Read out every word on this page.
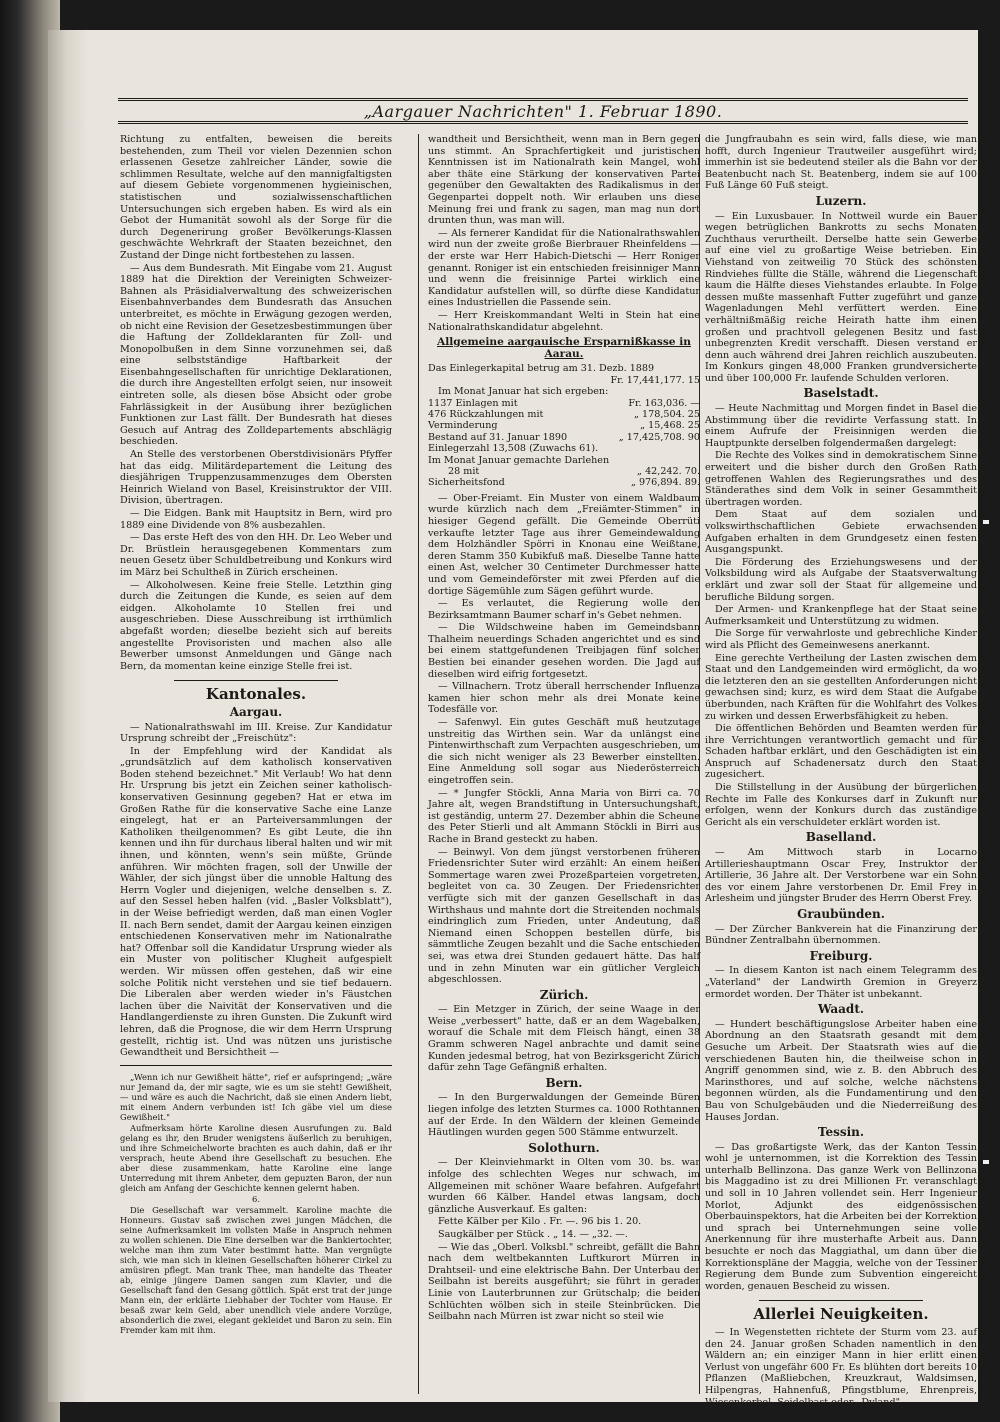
„Aargauer Nachrichten" 1. Februar 1890.

Richtung zu entfalten, beweisen die bereits bestehenden, zum Theil vor vielen Dezennien schon erlassenen Gesetze zahlreicher Länder, sowie die schlimmen Resultate, welche auf den mannigfaltigsten auf diesem Gebiete vorgenommenen hygieinischen, statistischen und sozialwissenschaftlichen Untersuchungen sich ergeben haben. Es wird als ein Gebot der Humanität sowohl als der Sorge für die durch Degenerirung großer Bevölkerungs-Klassen geschwächte Wehrkraft der Staaten bezeichnet, den Zustand der Dinge nicht fortbestehen zu lassen.

— Aus dem Bundesrath. Mit Eingabe vom 21. August 1889 hat die Direktion der Vereinigten Schweizer-Bahnen als Präsidialverwaltung des schweizerischen Eisenbahnverbandes dem Bundesrath das Ansuchen unterbreitet, es möchte in Erwägung gezogen werden, ob nicht eine Revision der Gesetzesbestimmungen über die Haftung der Zolldeklaranten für Zoll- und Monopolbußen in dem Sinne vorzunehmen sei, daß eine selbstständige Haftbarkeit der Eisenbahngesellschaften für unrichtige Deklarationen, die durch ihre Angestellten erfolgt seien, nur insoweit eintreten solle, als diesen böse Absicht oder grobe Fahrlässigkeit in der Ausübung ihrer bezüglichen Funktionen zur Last fällt. Der Bundesrath hat dieses Gesuch auf Antrag des Zolldepartements abschlägig beschieden.

An Stelle des verstorbenen Oberstdivisionärs Pfyffer hat das eidg. Militärdepartement die Leitung des diesjährigen Truppenzusammenzuges dem Obersten Heinrich Wieland von Basel, Kreisinstruktor der VIII. Division, übertragen.

— Die Eidgen. Bank mit Hauptsitz in Bern, wird pro 1889 eine Dividende von 8% ausbezahlen.

— Das erste Heft des von den HH. Dr. Leo Weber und Dr. Brüstlein herausgegebenen Kommentars zum neuen Gesetz über Schuldbetreibung und Konkurs wird im März bei Schultheß in Zürich erscheinen.

— Alkoholwesen. Keine freie Stelle. Letzthin ging durch die Zeitungen die Kunde, es seien auf dem eidgen. Alkoholamte 10 Stellen frei und ausgeschrieben. Diese Ausschreibung ist irrthümlich abgefaßt worden; dieselbe bezieht sich auf bereits angestellte Provisoristen und machen also alle Bewerber umsonst Anmeldungen und Gänge nach Bern, da momentan keine einzige Stelle frei ist.

Kantonales.
Aargau.

— Nationalrathswahl im III. Kreise. Zur Kandidatur Ursprung schreibt der „Freischütz":

In der Empfehlung wird der Kandidat als „grundsätzlich auf dem katholisch konservativen Boden stehend bezeichnet." Mit Verlaub! Wo hat denn Hr. Ursprung bis jetzt ein Zeichen seiner katholisch-konservativen Gesinnung gegeben? Hat er etwa im Großen Rathe für die konservative Sache eine Lanze eingelegt, hat er an Parteiversammlungen der Katholiken theilgenommen? Es gibt Leute, die ihn kennen und ihn für durchaus liberal halten und wir mit ihnen, und könnten, wenn's sein müßte, Gründe anführen. Wir möchten fragen, soll der Unwille der Wähler, der sich jüngst über die unnoble Haltung des Herrn Vogler und diejenigen, welche denselben s. Z. auf den Sessel heben halfen (vid. „Basler Volksblatt"), in der Weise befriedigt werden, daß man einen Vogler II. nach Bern sendet, damit der Aargau keinen einzigen entschiedenen Konservativen mehr im Nationalrathe hat? Offenbar soll die Kandidatur Ursprung wieder als ein Muster von politischer Klugheit aufgespielt werden. Wir müssen offen gestehen, daß wir eine solche Politik nicht verstehen und sie tief bedauern. Die Liberalen aber werden wieder in's Fäustchen lachen über die Naivität der Konservativen und die Handlangerdienste zu ihren Gunsten. Die Zukunft wird lehren, daß die Prognose, die wir dem Herrn Ursprung gestellt, richtig ist. Und was nützen uns juristische Gewandtheit und Bersichtheit —

„Wenn ich nur Gewißheit hätte", rief er aufspringend; „wäre nur Jemand da, der mir sagte, wie es um sie steht! Gewißheit, — und wäre es auch die Nachricht, daß sie einen Andern liebt, mit einem Andern verbunden ist! Ich gäbe viel um diese Gewißheit."

Aufmerksam hörte Karoline diesen Ausrufungen zu. Bald gelang es ihr, den Bruder wenigstens äußerlich zu beruhigen, und ihre Schmeichelworte brachten es auch dahin, daß er ihr versprach, heute Abend ihre Gesellschaft zu besuchen. Ehe aber diese zusammenkam, hatte Karoline eine lange Unterredung mit ihrem Anbeter, dem gepuzten Baron, der nun gleich am Anfang der Geschichte kennen gelernt haben.

6.

Die Gesellschaft war versammelt. Karoline machte die Honneurs. Gustav saß zwischen zwei jungen Mädchen, die seine Aufmerksamkeit im vollsten Maße in Anspruch nehmen zu wollen schienen. Die Eine derselben war die Bankiertochter, welche man ihm zum Vater bestimmt hatte. Man vergnügte sich, wie man sich in kleinen Gesellschaften höherer Cirkel zu amüsiren pflegt. Man trank Thee, man handelte das Theater ab, einige jüngere Damen sangen zum Klavier, und die Gesellschaft fand den Gesang göttlich. Spät erst trat der junge Mann ein, der erklärte Liebhaber der Tochter vom Hause. Er besaß zwar kein Geld, aber unendlich viele andere Vorzüge, absonderlich die zwei, elegant gekleidet und Baron zu sein. Ein Fremder kam mit ihm.

wandtheit und Bersichtheit, wenn man in Bern gegen uns stimmt. An Sprachfertigkeit und juristischen Kenntnissen ist im Nationalrath kein Mangel, wohl aber thäte eine Stärkung der konservativen Partei gegenüber den Gewaltakten des Radikalismus in der Gegenpartei doppelt noth. Wir erlauben uns diese Meinung frei und frank zu sagen, man mag nun dort drunten thun, was man will.

— Als fernerer Kandidat für die Nationalrathswahlen wird nun der zweite große Bierbrauer Rheinfeldens — der erste war Herr Habich-Dietschi — Herr Roniger genannt. Roniger ist ein entschieden freisinniger Mann und wenn die freisinnige Partei wirklich eine Kandidatur aufstellen will, so dürfte diese Kandidatur eines Industriellen die Passende sein.

— Herr Kreiskommandant Welti in Stein hat eine Nationalrathskandidatur abgelehnt.

Allgemeine aargauische Ersparnißkasse in Aarau.
Das Einlegerkapital betrug am 31. Dezb. 1889
Fr. 17,441,177. 15
Im Monat Januar hat sich ergeben:
1137 Einlagen mit	Fr. 163,036. —
476 Rückzahlungen mit	„ 178,504. 25
Verminderung	„ 15,468. 25
Bestand auf 31. Januar 1890	„ 17,425,708. 90
Einlegerzahl 13,508 (Zuwachs 61).
Im Monat Januar gemachte Darlehen
28 mit	„ 42,242. 70.
Sicherheitsfond	„ 976,894. 89.

— Ober-Freiamt. Ein Muster von einem Waldbaum wurde kürzlich nach dem „Freiämter-Stimmen" in hiesiger Gegend gefällt. Die Gemeinde Oberrüti verkaufte letzter Tage aus ihrer Gemeindewaldung dem Holzhändler Spörri in Knonau eine Weißtane, deren Stamm 350 Kubikfuß maß. Dieselbe Tanne hatte einen Ast, welcher 30 Centimeter Durchmesser hatte und vom Gemeindeförster mit zwei Pferden auf die dortige Sägemühle zum Sägen geführt wurde.

— Es verlautet, die Regierung wolle den Bezirksamtmann Baumer scharf in's Gebet nehmen.

— Die Wildschweine haben im Gemeindsbann Thalheim neuerdings Schaden angerichtet und es sind bei einem stattgefundenen Treibjagen fünf solcher Bestien bei einander gesehen worden. Die Jagd auf dieselben wird eifrig fortgesetzt.

— Villnachern. Trotz überall herrschender Influenza kamen hier schon mehr als drei Monate keine Todesfälle vor.

— Safenwyl. Ein gutes Geschäft muß heutzutage unstreitig das Wirthen sein. War da unlängst eine Pintenwirthschaft zum Verpachten ausgeschrieben, um die sich nicht weniger als 23 Bewerber einstellten. Eine Anmeldung soll sogar aus Niederösterreich eingetroffen sein.

— * Jungfer Stöckli, Anna Maria von Birri ca. 70 Jahre alt, wegen Brandstiftung in Untersuchungshaft, ist geständig, unterm 27. Dezember abhin die Scheune des Peter Stierli und alt Ammann Stöckli in Birri aus Rache in Brand gesteckt zu haben.

— Beinwyl. Von dem jüngst verstorbenen früheren Friedensrichter Suter wird erzählt: An einem heißen Sommertage waren zwei Prozeßparteien vorgetreten, begleitet von ca. 30 Zeugen. Der Friedensrichter verfügte sich mit der ganzen Gesellschaft in das Wirthshaus und mahnte dort die Streitenden nochmals eindringlich zum Frieden, unter Andeutung, daß Niemand einen Schoppen bestellen dürfe, bis sämmtliche Zeugen bezahlt und die Sache entschieden sei, was etwa drei Stunden gedauert hätte. Das half und in zehn Minuten war ein gütlicher Vergleich abgeschlossen.

Zürich.

— Ein Metzger in Zürich, der seine Waage in der Weise „verbessert" hatte, daß er an dem Wagebalken, worauf die Schale mit dem Fleisch hängt, einen 38 Gramm schweren Nagel anbrachte und damit seine Kunden jedesmal betrog, hat von Bezirksgericht Zürich dafür zehn Tage Gefängniß erhalten.

Bern.

— In den Burgerwaldungen der Gemeinde Büren liegen infolge des letzten Sturmes ca. 1000 Rothtannen auf der Erde. In den Wäldern der kleinen Gemeinde Häutlingen wurden gegen 500 Stämme entwurzelt.

Solothurn.

— Der Kleinviehmarkt in Olten vom 30. bs. war infolge des schlechten Weges nur schwach, im Allgemeinen mit schöner Waare befahren. Aufgefahrt wurden 66 Kälber. Handel etwas langsam, doch gänzliche Ausverkauf. Es galten:

Fette Kälber per Kilo . Fr. —. 96 bis 1. 20.

Saugkälber per Stück . „ 14. — „32. —.

— Wie das „Oberl. Volksbl." schreibt, gefällt die Bahn nach dem weltbekannten Luftkurort Mürren in Drahtseil- und eine elektrische Bahn. Der Unterbau der Seilbahn ist bereits ausgeführt; sie führt in gerader Linie von Lauterbrunnen zur Grütschalp; die beiden Schlüchten wölben sich in steile Steinbrücken. Die Seilbahn nach Mürren ist zwar nicht so steil wie

die Jungfraubahn es sein wird, falls diese, wie man hofft, durch Ingenieur Trautweiler ausgeführt wird; immerhin ist sie bedeutend steiler als die Bahn vor der Beatenbucht nach St. Beatenberg, indem sie auf 100 Fuß Länge 60 Fuß steigt.

Luzern.

— Ein Luxusbauer. In Nottweil wurde ein Bauer wegen betrüglichen Bankrotts zu sechs Monaten Zuchthaus verurtheilt. Derselbe hatte sein Gewerbe auf eine viel zu großartige Weise betrieben. Ein Viehstand von zeitweilig 70 Stück des schönsten Rindviehes füllte die Ställe, während die Liegenschaft kaum die Hälfte dieses Viehstandes erlaubte. In Folge dessen mußte massenhaft Futter zugeführt und ganze Wagenladungen Mehl verfüttert werden. Eine verhältnißmäßig reiche Heirath hatte ihm einen großen und prachtvoll gelegenen Besitz und fast unbegrenzten Kredit verschafft. Diesen verstand er denn auch während drei Jahren reichlich auszubeuten. Im Konkurs gingen 48,000 Franken grundversicherte und über 100,000 Fr. laufende Schulden verloren.

Baselstadt.

— Heute Nachmittag und Morgen findet in Basel die Abstimmung über die revidirte Verfassung statt. In einem Aufrufe der Freisinnigen werden die Hauptpunkte derselben folgendermaßen dargelegt:

Die Rechte des Volkes sind in demokratischem Sinne erweitert und die bisher durch den Großen Rath getroffenen Wahlen des Regierungsrathes und des Ständerathes sind dem Volk in seiner Gesammtheit übertragen worden.

Dem Staat auf dem sozialen und volkswirthschaftlichen Gebiete erwachsenden Aufgaben erhalten in dem Grundgesetz einen festen Ausgangspunkt.

Die Förderung des Erziehungswesens und der Volksbildung wird als Aufgabe der Staatsverwaltung erklärt und zwar soll der Staat für allgemeine und berufliche Bildung sorgen.

Der Armen- und Krankenpflege hat der Staat seine Aufmerksamkeit und Unterstützung zu widmen.

Die Sorge für verwahrloste und gebrechliche Kinder wird als Pflicht des Gemeinwesens anerkannt.

Eine gerechte Vertheilung der Lasten zwischen dem Staat und den Landgemeinden wird ermöglicht, da wo die letzteren den an sie gestellten Anforderungen nicht gewachsen sind; kurz, es wird dem Staat die Aufgabe überbunden, nach Kräften für die Wohlfahrt des Volkes zu wirken und dessen Erwerbsfähigkeit zu heben.

Die öffentlichen Behörden und Beamten werden für ihre Verrichtungen verantwortlich gemacht und für Schaden haftbar erklärt, und den Geschädigten ist ein Anspruch auf Schadenersatz durch den Staat zugesichert.

Die Stillstellung in der Ausübung der bürgerlichen Rechte im Falle des Konkurses darf in Zukunft nur erfolgen, wenn der Konkurs durch das zuständige Gericht als ein verschuldeter erklärt worden ist.

Baselland.

— Am Mittwoch starb in Locarno Artillerieshauptmann Oscar Frey, Instruktor der Artillerie, 36 Jahre alt. Der Verstorbene war ein Sohn des vor einem Jahre verstorbenen Dr. Emil Frey in Arlesheim und jüngster Bruder des Herrn Oberst Frey.

Graubünden.

— Der Zürcher Bankverein hat die Finanzirung der Bündner Zentralbahn übernommen.

Freiburg.

— In diesem Kanton ist nach einem Telegramm des „Vaterland" der Landwirth Gremion in Greyerz ermordet worden. Der Thäter ist unbekannt.

Waadt.

— Hundert beschäftigungslose Arbeiter haben eine Abordnung an den Staatsrath gesandt mit dem Gesuche um Arbeit. Der Staatsrath wies auf die verschiedenen Bauten hin, die theilweise schon in Angriff genommen sind, wie z. B. den Abbruch des Marinsthores, und auf solche, welche nächstens begonnen würden, als die Fundamentirung und den Bau von Schulgebäuden und die Niederreißung des Hauses Jordan.

Tessin.

— Das großartigste Werk, das der Kanton Tessin wohl je unternommen, ist die Korrektion des Tessin unterhalb Bellinzona. Das ganze Werk von Bellinzona bis Maggadino ist zu drei Millionen Fr. veranschlagt und soll in 10 Jahren vollendet sein. Herr Ingenieur Morlot, Adjunkt des eidgenössischen Oberbauinspektors, hat die Arbeiten bei der Korrektion und sprach bei Unternehmungen seine volle Anerkennung für ihre musterhafte Arbeit aus. Dann besuchte er noch das Maggiathal, um dann über die Korrektionspläne der Maggia, welche von der Tessiner Regierung dem Bunde zum Subvention eingereicht worden, genauen Bescheid zu wissen.

Allerlei Neuigkeiten.

— In Wegenstetten richtete der Sturm vom 23. auf den 24. Januar großen Schaden namentlich in den Wäldern an; ein einziger Mann in hier erlitt einen Verlust von ungefähr 600 Fr. Es blühten dort bereits 10 Pflanzen (Maßliebchen, Kreuzkraut, Waldsimsen, Hilpengras, Hahnenfuß, Pfingstblume, Ehrenpreis, Wiesenkerbel, Seidelbast oder „Dyland",
